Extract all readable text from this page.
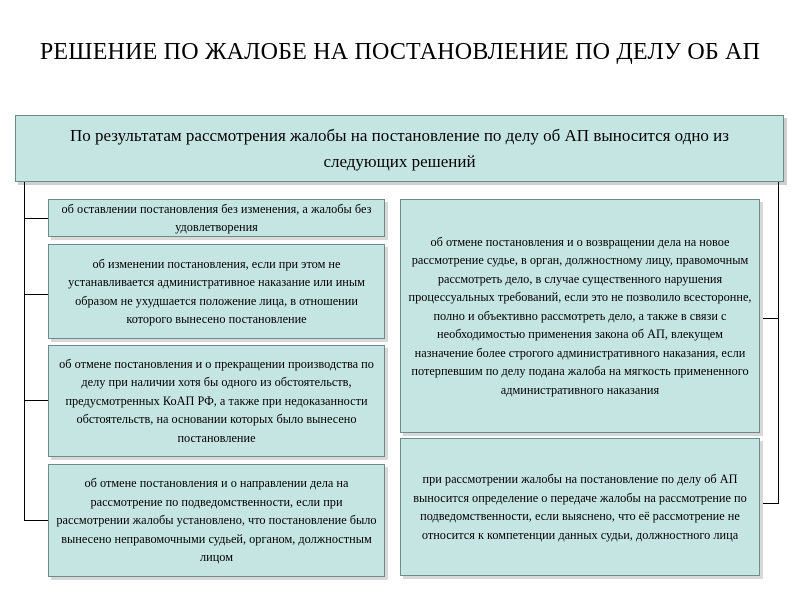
РЕШЕНИЕ ПО ЖАЛОБЕ НА ПОСТАНОВЛЕНИЕ ПО ДЕЛУ ОБ АП
По результатам рассмотрения жалобы на постановление по делу об АП выносится одно из следующих решений
об оставлении постановления без изменения, а жалобы без удовлетворения
об изменении постановления, если при этом не устанавливается административное наказание или иным образом не ухудшается положение лица, в отношении которого вынесено постановление
об отмене постановления и о прекращении производства по делу при наличии хотя бы одного из обстоятельств, предусмотренных КоАП РФ, а также при недоказанности обстоятельств, на основании которых было вынесено постановление
об отмене постановления и о направлении дела на рассмотрение по подведомственности, если при рассмотрении жалобы установлено, что постановление было вынесено неправомочными судьей, органом, должностным лицом
об отмене постановления и о возвращении дела на новое рассмотрение судье, в орган, должностному лицу, правомочным рассмотреть дело, в случае существенного нарушения процессуальных требований, если это не позволило всесторонне, полно и объективно рассмотреть дело, а также в связи с необходимостью применения закона об АП, влекущем назначение более строгого административного наказания, если потерпевшим по делу подана жалоба на мягкость примененного административного наказания
при рассмотрении жалобы на постановление по делу об АП выносится определение о передаче жалобы на рассмотрение по подведомственности, если выяснено, что её рассмотрение не относится к компетенции данных судьи, должностного лица
